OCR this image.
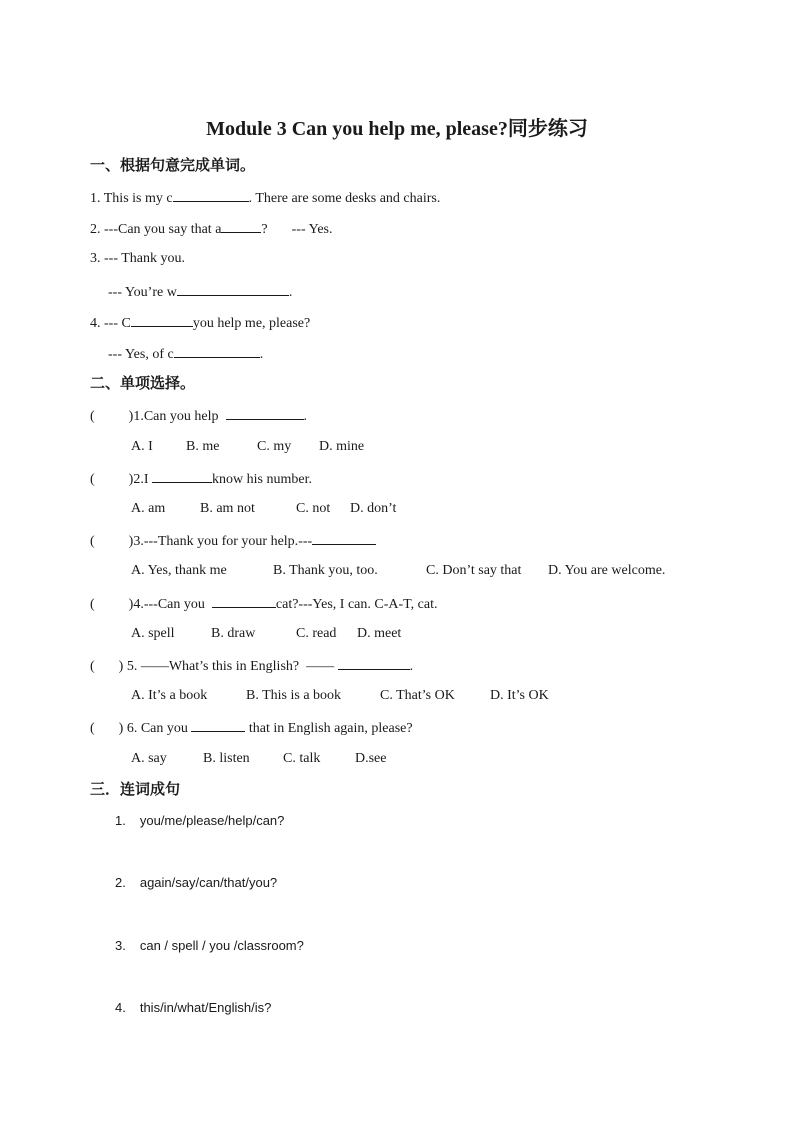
Module 3 Can you help me, please?同步练习
一、根据句意完成单词。
1. This is my c	. There are some desks and chairs.
2. ---Can you say that a	? --- Yes.
3. --- Thank you.
--- You’re w	.
4. --- C	you help me, please?
--- Yes, of c	.
二、单项选择。
( )1.Can you help	.
A. I B. me	C. my D. mine
( )2.I	know his number.
A. am B. am not	C. not D. don’t
( )3.---Thank you for your help.---
A. Yes, thank me	B. Thank you, too.	C. Don’t say that D. You are welcome.
( )4.---Can you	cat?---Yes, I can. C-A-T, cat.
A. spell	B. draw	C. read D. meet
( ) 5. ——What’s this in English? ——	.
A. It’s a book	B. This is a book	C. That’s OK	D. It’s OK
( ) 6. Can you	that in English again, please?
A. say	B. listen C. talk D.see
三．连词成句
1. you/me/please/help/can?
2. again/say/can/that/you?
3. can / spell / you /classroom?
4. this/in/what/English/is?
